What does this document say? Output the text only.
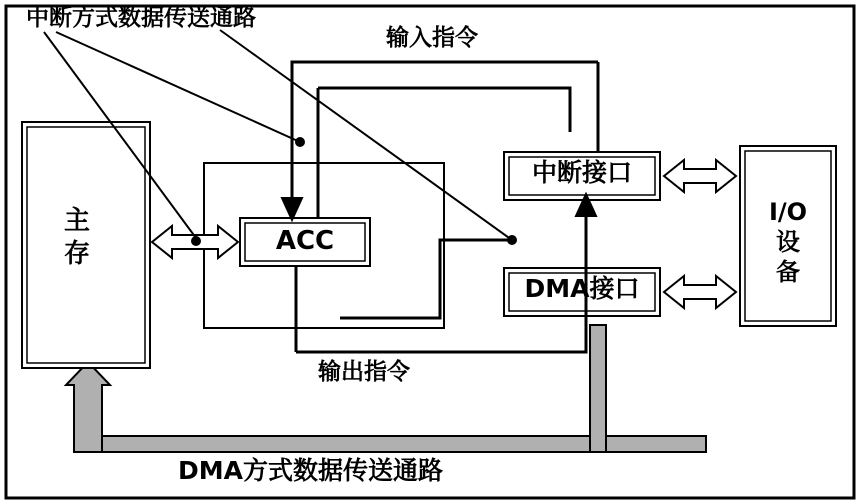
中断方式数据传送通路
输入指令
主
存	ACC
中断接口
DMA接口
I/O
设
备
输出指令
DMA方式数据传送通路
